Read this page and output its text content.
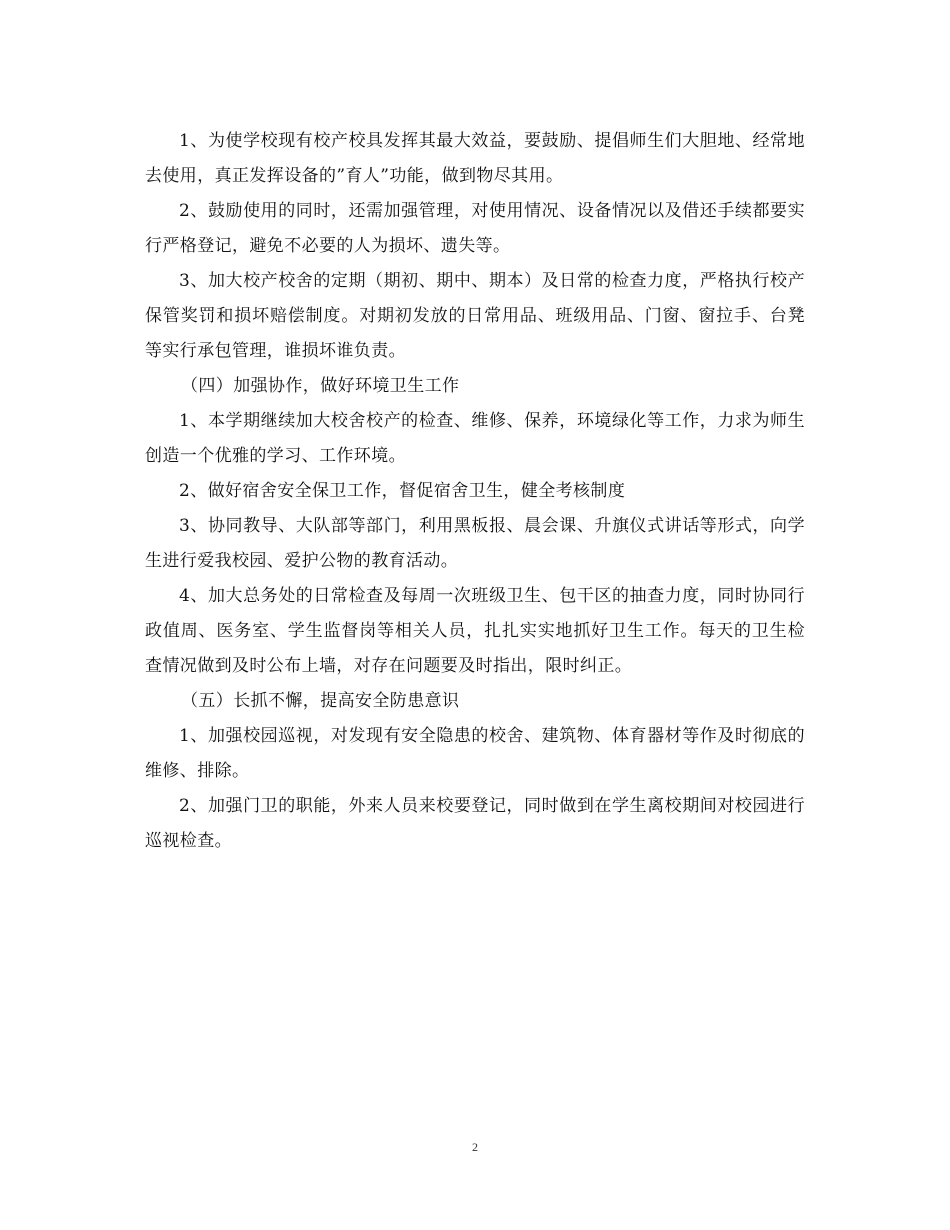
1、为使学校现有校产校具发挥其最大效益，要鼓励、提倡师生们大胆地、经常地去使用，真正发挥设备的”育人”功能，做到物尽其用。

2、鼓励使用的同时，还需加强管理，对使用情况、设备情况以及借还手续都要实行严格登记，避免不必要的人为损坏、遗失等。

3、加大校产校舍的定期（期初、期中、期本）及日常的检查力度，严格执行校产保管奖罚和损坏赔偿制度。对期初发放的日常用品、班级用品、门窗、窗拉手、台凳等实行承包管理，谁损坏谁负责。

（四）加强协作，做好环境卫生工作

1、本学期继续加大校舍校产的检查、维修、保养，环境绿化等工作，力求为师生创造一个优雅的学习、工作环境。

2、做好宿舍安全保卫工作，督促宿舍卫生，健全考核制度

3、协同教导、大队部等部门，利用黑板报、晨会课、升旗仪式讲话等形式，向学生进行爱我校园、爱护公物的教育活动。

4、加大总务处的日常检查及每周一次班级卫生、包干区的抽查力度，同时协同行政值周、医务室、学生监督岗等相关人员，扎扎实实地抓好卫生工作。每天的卫生检查情况做到及时公布上墙，对存在问题要及时指出，限时纠正。

（五）长抓不懈，提高安全防患意识

1、加强校园巡视，对发现有安全隐患的校舍、建筑物、体育器材等作及时彻底的维修、排除。

2、加强门卫的职能，外来人员来校要登记，同时做到在学生离校期间对校园进行巡视检查。

2
